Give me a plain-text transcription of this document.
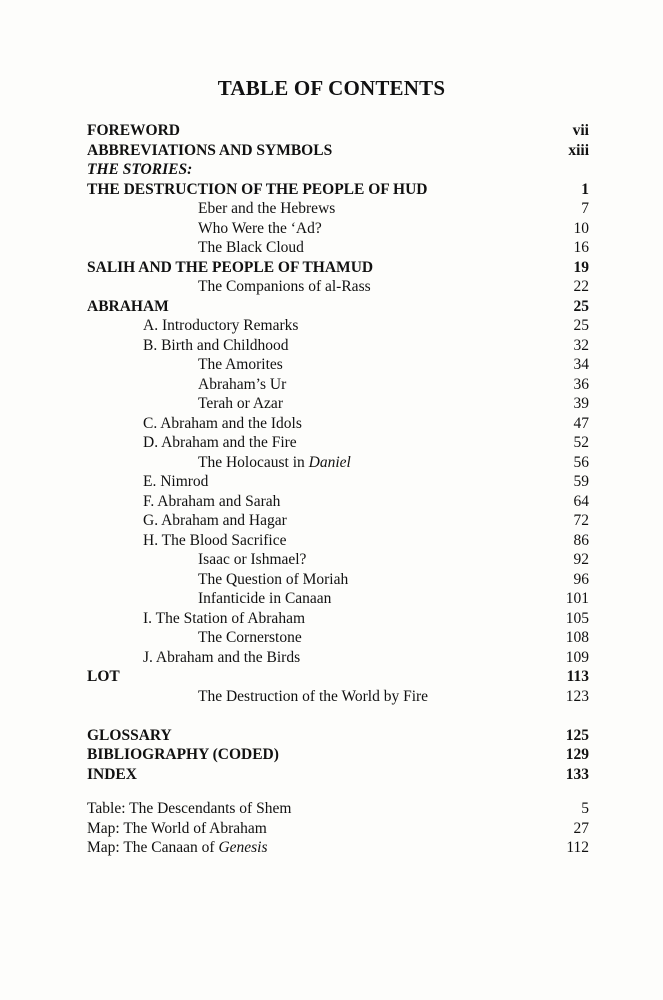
TABLE OF CONTENTS
FOREWORD	vii
ABBREVIATIONS AND SYMBOLS	xiii
THE STORIES:
THE DESTRUCTION OF THE PEOPLE OF HUD	1
Eber and the Hebrews	7
Who Were the ‘Ad?	10
The Black Cloud	16
SALIH AND THE PEOPLE OF THAMUD	19
The Companions of al-Rass	22
ABRAHAM	25
A. Introductory Remarks	25
B. Birth and Childhood	32
The Amorites	34
Abraham’s Ur	36
Terah or Azar	39
C. Abraham and the Idols	47
D. Abraham and the Fire	52
The Holocaust in Daniel	56
E. Nimrod	59
F. Abraham and Sarah	64
G. Abraham and Hagar	72
H. The Blood Sacrifice	86
Isaac or Ishmael?	92
The Question of Moriah	96
Infanticide in Canaan	101
I. The Station of Abraham	105
The Cornerstone	108
J. Abraham and the Birds	109
LOT	113
The Destruction of the World by Fire	123
GLOSSARY	125
BIBLIOGRAPHY (CODED)	129
INDEX	133
Table: The Descendants of Shem	5
Map: The World of Abraham	27
Map: The Canaan of Genesis	112
